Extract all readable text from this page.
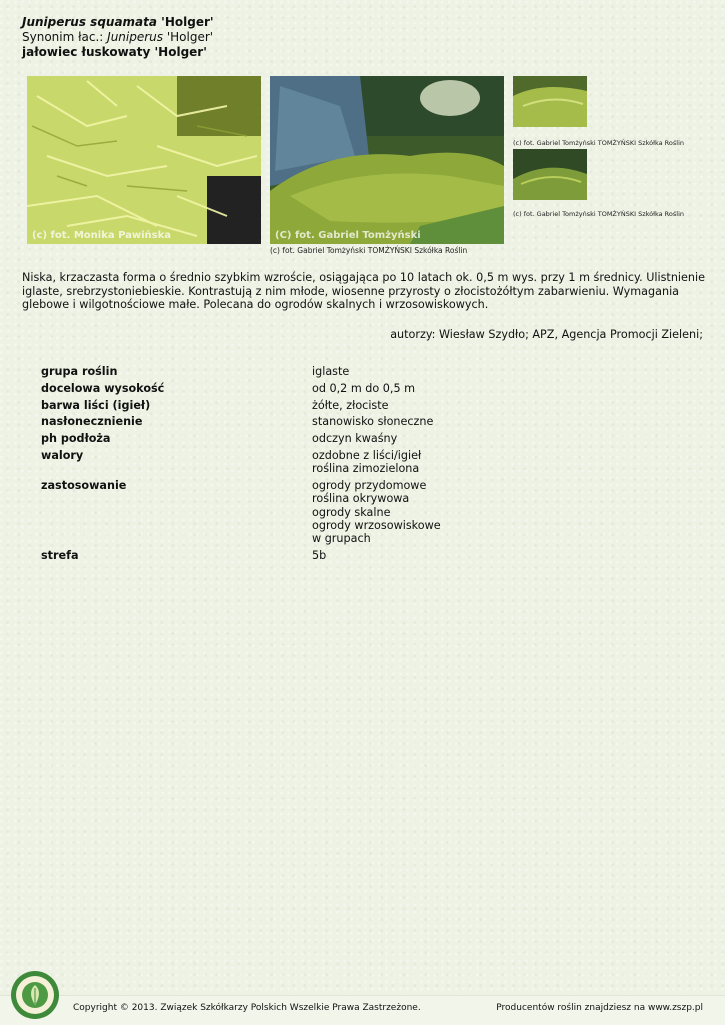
Juniperus squamata 'Holger'
Synonim łac.: Juniperus 'Holger'
jałowiec łuskowaty 'Holger'
(c) fot. Monika Pawińska	(C) fot. Gabriel Tomżyński
(c) fot. Gabriel Tomżyński TOMŻYŃSKI Szkółka Roślin
(c) fot. Gabriel Tomżyński TOMŻYŃSKI Szkółka Roślin
(c) fot. Gabriel Tomżyński TOMŻYŃSKI Szkółka Roślin
Niska, krzaczasta forma o średnio szybkim wzroście, osiągająca po 10 latach ok. 0,5 m wys. przy 1 m średnicy. Ulistnienie iglaste, srebrzystoniebieskie. Kontrastują z nim młode, wiosenne przyrosty o złocistożółtym zabarwieniu. Wymagania glebowe i wilgotnościowe małe. Polecana do ogrodów skalnych i wrzosowiskowych.
autorzy: Wiesław Szydło; APZ, Agencja Promocji Zieleni;
grupa roślin	iglaste
docelowa wysokość	od 0,2 m do 0,5 m
barwa liści (igieł)	żółte, złociste
nasłonecznienie	stanowisko słoneczne
ph podłoża	odczyn kwaśny
walory	ozdobne z liści/igieł
roślina zimozielona
zastosowanie	ogrody przydomowe
roślina okrywowa
ogrody skalne
ogrody wrzosowiskowe
w grupach
strefa	5b
Copyright © 2013. Związek Szkółkarzy Polskich Wszelkie Prawa Zastrzeżone.	Producentów roślin znajdziesz na www.zszp.pl
